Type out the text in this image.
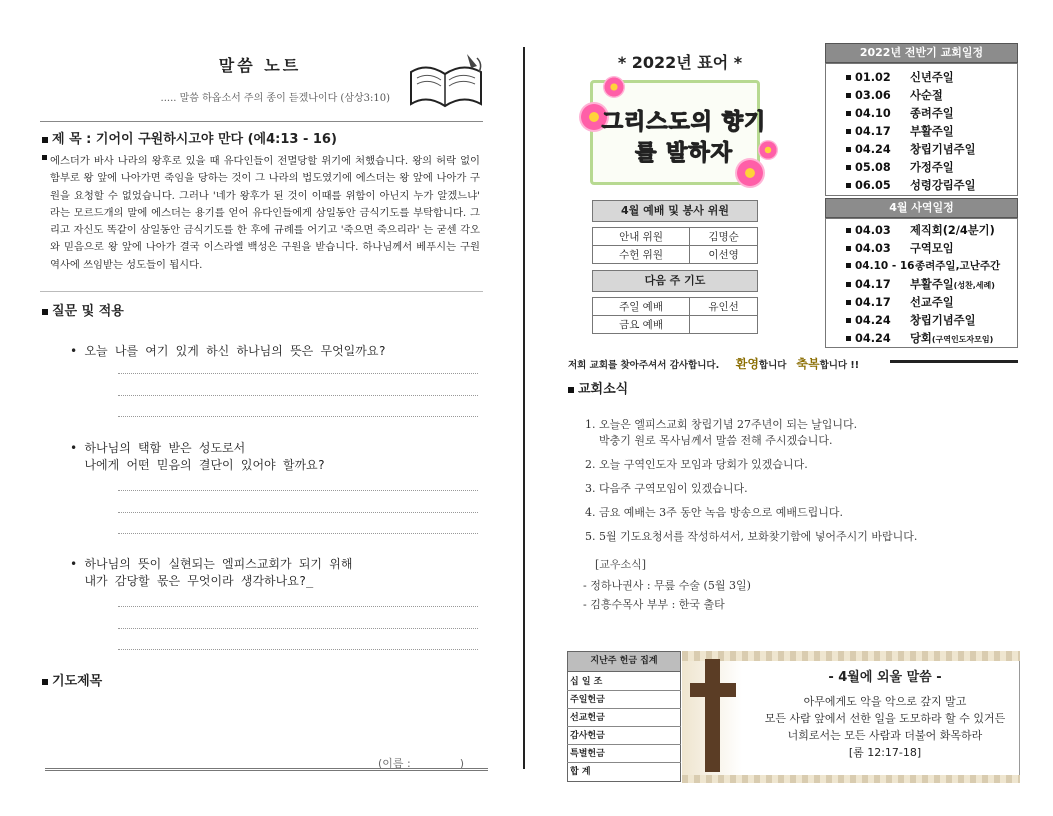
말씀 노트
..... 말씀 하옵소서 주의 종이 듣겠나이다 (삼상3:10)
제 목 : 기어이 구원하시고야 만다 (에4:13 - 16)
에스더가 바사 나라의 왕후로 있을 때 유다인들이 전멸당할 위기에 처했습니다. 왕의 허락 없이 함부로 왕 앞에 나아가면 죽임을 당하는 것이 그 나라의 법도였기에 에스더는 왕 앞에 나아가 구원을 요청할 수 없었습니다. 그러나 '네가 왕후가 된 것이 이때를 위함이 아닌지 누가 알겠느냐' 라는 모르드개의 말에 에스더는 용기를 얻어 유다인들에게 삼일동안 금식기도를 부탁합니다. 그리고 자신도 똑같이 삼일동안 금식기도를 한 후에 규례를 어기고 '죽으면 죽으리라' 는 굳센 각오와 믿음으로 왕 앞에 나아가 결국 이스라엘 백성은 구원을 받습니다. 하나님께서 베푸시는 구원 역사에 쓰임받는 성도들이 됩시다.
질문 및 적용
• 오늘 나를 여기 있게 하신 하나님의 뜻은 무엇일까요?
• 하나님의 택함 받은 성도로서
나에게 어떤 믿음의 결단이 있어야 할까요?
• 하나님의 뜻이 실현되는 엘피스교회가 되기 위해
내가 감당할 몫은 무엇이라 생각하나요?_
기도제목
(이름 :              )
* 2022년 표어 *
그리스도의 향기를 발하자
4월 예배 및 봉사 위원
안내 위원	김명순
수헌 위원	이선영
다음 주 기도
주일 예배	유인선
금요 예배	
2022년 전반기 교회일정
01.02 신년주일
03.06 사순절
04.10 종려주일
04.17 부활주일
04.24 창립기념주일
05.08 가정주일
06.05 성령강림주일
4월 사역일정
04.03 제직회(2/4분기)
04.03 구역모임
04.10 - 16종려주일,고난주간
04.17 부활주일(성찬,세례)
04.17 선교주일
04.24 창립기념주일
04.24 당회(구역인도자모임)
저희 교회를 찾아주셔서 감사합니다. 환영합니다 축복합니다 !!
교회소식
1. 오늘은 엘피스교회 창립기념 27주년이 되는 날입니다.
박충기 원로 목사님께서 말씀 전해 주시겠습니다.
2. 오늘 구역인도자 모임과 당회가 있겠습니다.
3. 다음주 구역모임이 있겠습니다.
4. 금요 예배는 3주 동안 녹음 방송으로 예배드립니다.
5. 5월 기도요청서를 작성하셔서, 보화찾기함에 넣어주시기 바랍니다.
[교우소식]
- 정하나권사 : 무릎 수술 (5월 3일)
- 김흥수목사 부부 : 한국 출타
지난주 헌금 집계
십 일 조
주일헌금
선교헌금
감사헌금
특별헌금
합 계
- 4월에 외울 말씀 -
아무에게도 악을 악으로 갚지 말고
모든 사람 앞에서 선한 일을 도모하라 할 수 있거든
너희로서는 모든 사람과 더불어 화목하라
[롬 12:17-18]
